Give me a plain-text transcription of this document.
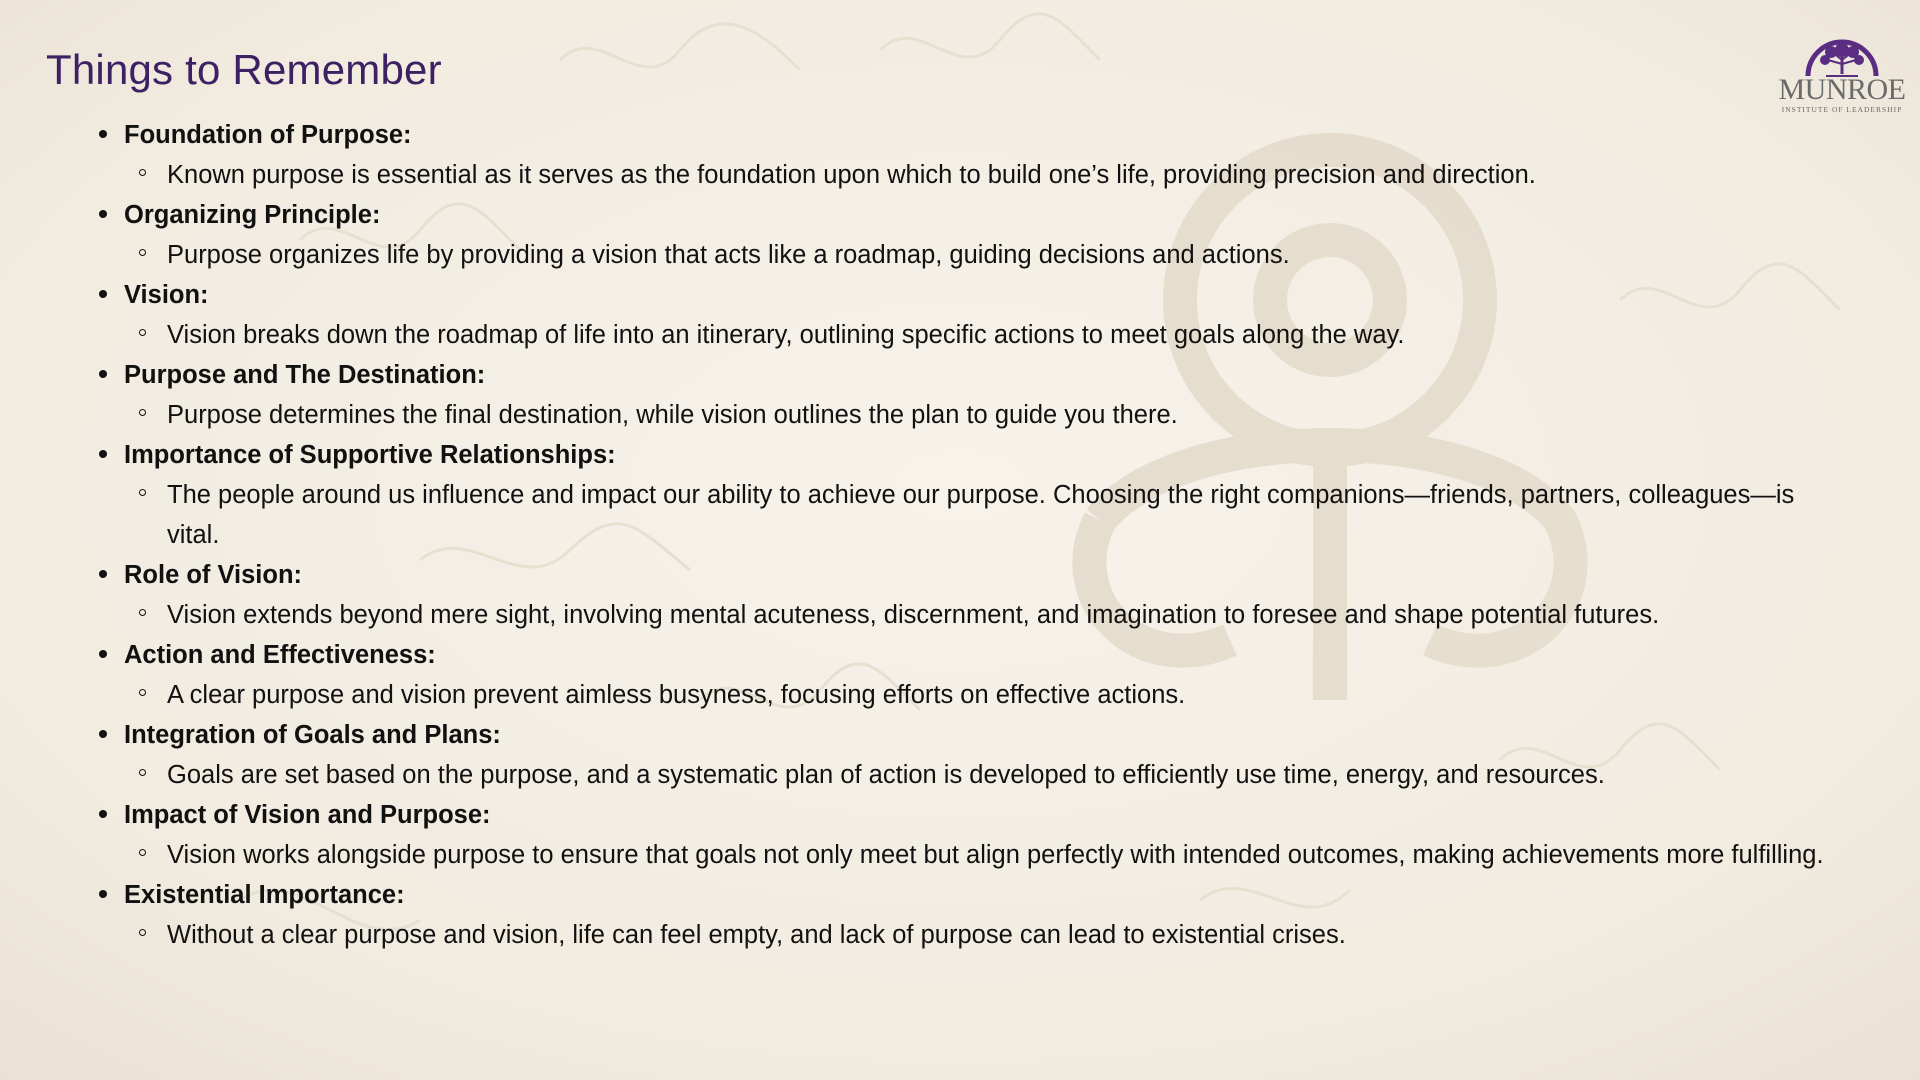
Things to Remember	MUNROE
INSTITUTE OF LEADERSHIP
Foundation of Purpose:
Known purpose is essential as it serves as the foundation upon which to build one’s life, providing precision and direction.
Organizing Principle:
Purpose organizes life by providing a vision that acts like a roadmap, guiding decisions and actions.
Vision:
Vision breaks down the roadmap of life into an itinerary, outlining specific actions to meet goals along the way.
Purpose and The Destination:
Purpose determines the final destination, while vision outlines the plan to guide you there.
Importance of Supportive Relationships:
The people around us influence and impact our ability to achieve our purpose. Choosing the right companions—friends, partners, colleagues—is vital.
Role of Vision:
Vision extends beyond mere sight, involving mental acuteness, discernment, and imagination to foresee and shape potential futures.
Action and Effectiveness:
A clear purpose and vision prevent aimless busyness, focusing efforts on effective actions.
Integration of Goals and Plans:
Goals are set based on the purpose, and a systematic plan of action is developed to efficiently use time, energy, and resources.
Impact of Vision and Purpose:
Vision works alongside purpose to ensure that goals not only meet but align perfectly with intended outcomes, making achievements more fulfilling.
Existential Importance:
Without a clear purpose and vision, life can feel empty, and lack of purpose can lead to existential crises.
